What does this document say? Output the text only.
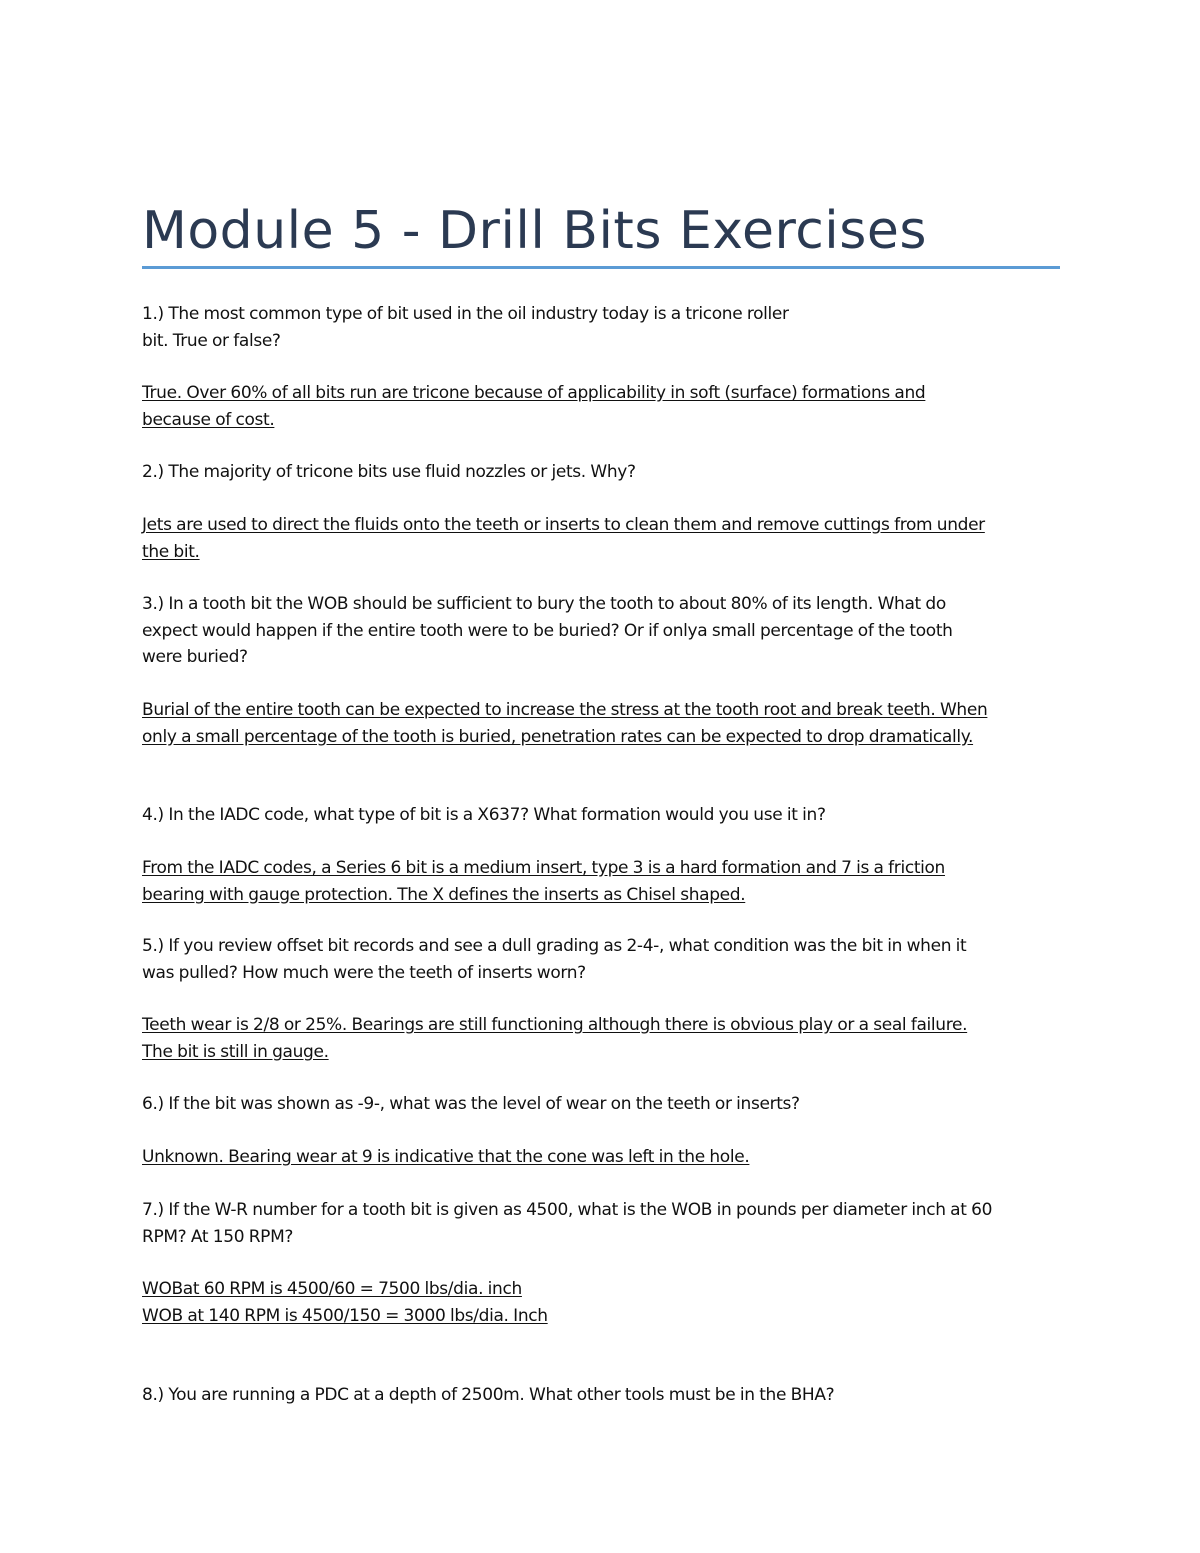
Module 5 - Drill Bits Exercises
1.) The most common type of bit used in the oil industry today is a tricone roller
bit. True or false?
True. Over 60% of all bits run are tricone because of applicability in soft (surface) formations and
because of cost.
2.) The majority of tricone bits use fluid nozzles or jets. Why?
Jets are used to direct the fluids onto the teeth or inserts to clean them and remove cuttings from under
the bit.
3.) In a tooth bit the WOB should be sufficient to bury the tooth to about 80% of its length. What do
expect would happen if the entire tooth were to be buried? Or if onlya small percentage of the tooth
were buried?
Burial of the entire tooth can be expected to increase the stress at the tooth root and break teeth. When
only a small percentage of the tooth is buried, penetration rates can be expected to drop dramatically.
4.) In the IADC code, what type of bit is a X637? What formation would you use it in?
From the IADC codes, a Series 6 bit is a medium insert, type 3 is a hard formation and 7 is a friction
bearing with gauge protection. The X defines the inserts as Chisel shaped.
5.) If you review offset bit records and see a dull grading as 2-4-, what condition was the bit in when it
was pulled? How much were the teeth of inserts worn?
Teeth wear is 2/8 or 25%. Bearings are still functioning although there is obvious play or a seal failure.
The bit is still in gauge.
6.) If the bit was shown as -9-, what was the level of wear on the teeth or inserts?
Unknown. Bearing wear at 9 is indicative that the cone was left in the hole.
7.) If the W-R number for a tooth bit is given as 4500, what is the WOB in pounds per diameter inch at 60
RPM? At 150 RPM?
WOBat 60 RPM is 4500/60 = 7500 lbs/dia. inch
WOB at 140 RPM is 4500/150 = 3000 lbs/dia. Inch
8.) You are running a PDC at a depth of 2500m. What other tools must be in the BHA?
